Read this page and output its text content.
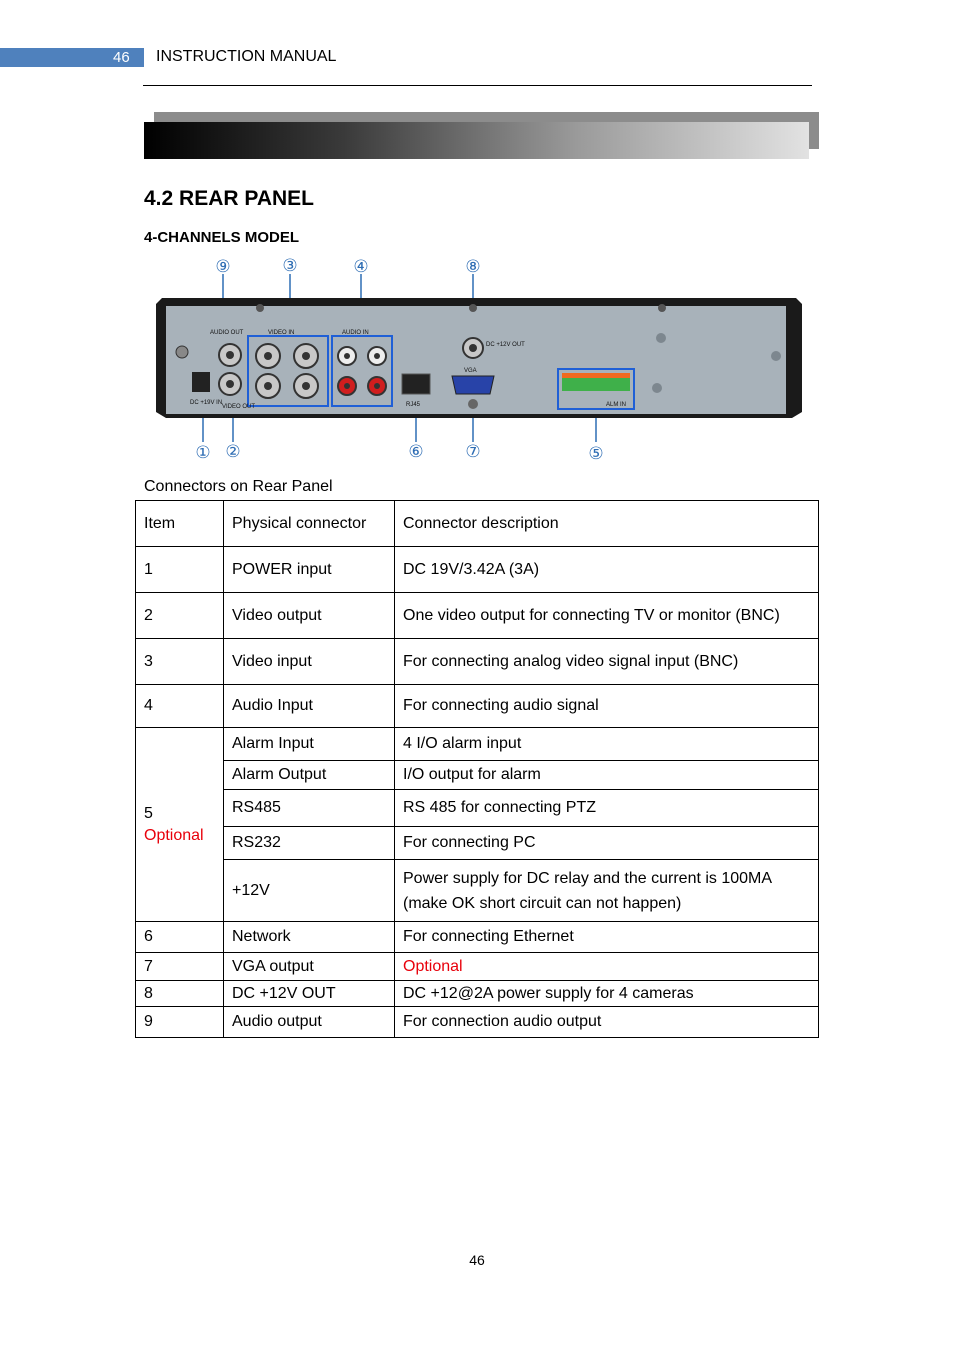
46 INSTRUCTION MANUAL
4.2 REAR PANEL
4-CHANNELS MODEL
AUDIO OUT	VIDEO IN	AUDIO IN
DC +12V OUT
VGA
RJ45
DC +19V IN
VIDEO OUT	ALM IN
⑨	③	④	⑧
① ②	⑥ ⑦	⑤
Connectors on Rear Panel
Item	Physical connector	Connector description
1	POWER input	DC 19V/3.42A (3A)
2	Video output	One video output for connecting TV or monitor (BNC)
3	Video input	For connecting analog video signal input (BNC)
4	Audio Input	For connecting audio signal

5
Optional	Alarm Input	4 I/O alarm input
	Alarm Output	I/O output for alarm
	RS485	RS 485 for connecting PTZ
	RS232	For connecting PC
	+12V	Power supply for DC relay and the current is 100MA (make OK short circuit can not happen)
6	Network	For connecting Ethernet
7	VGA output	Optional
8	DC +12V OUT	DC +12@2A power supply for 4 cameras
9	Audio output	For connection audio output
46
